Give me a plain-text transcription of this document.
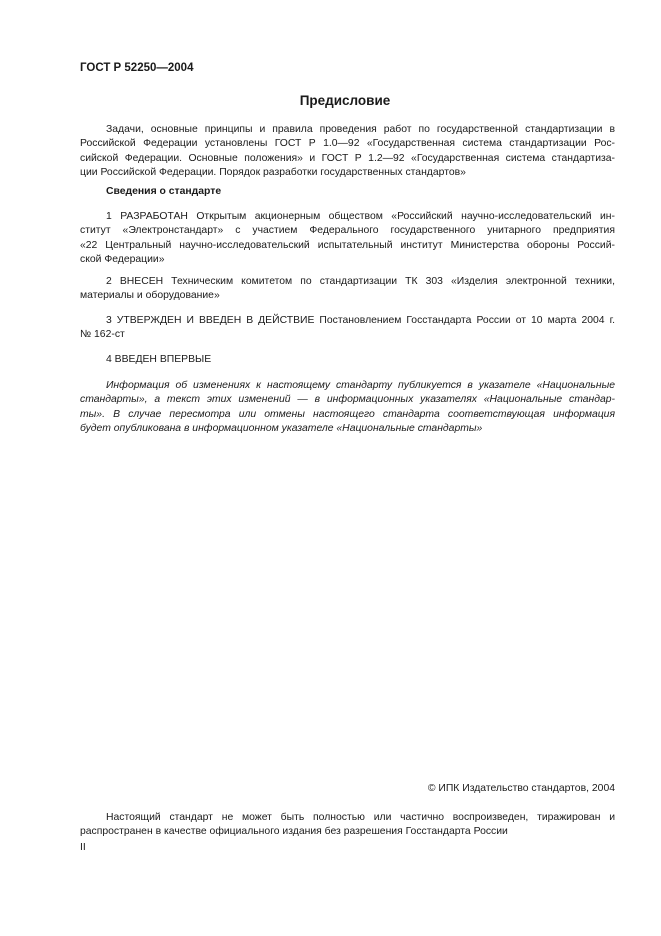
ГОСТ Р 52250—2004
Предисловие
Задачи, основные принципы и правила проведения работ по государственной стандартизации в
Российской Федерации установлены ГОСТ Р 1.0—92 «Государственная система стандартизации Рос-
сийской Федерации. Основные положения» и ГОСТ Р 1.2—92 «Государственная система стандартиза-
ции Российской Федерации. Порядок разработки государственных стандартов»
Сведения о стандарте
1 РАЗРАБОТАН Открытым акционерным обществом «Российский научно-исследовательский ин-
ститут «Электронстандарт» с участием Федерального государственного унитарного предприятия
«22 Центральный научно-исследовательский испытательный институт Министерства обороны Россий-
ской Федерации»
2 ВНЕСЕН Техническим комитетом по стандартизации ТК 303 «Изделия электронной техники,
материалы и оборудование»
3 УТВЕРЖДЕН И ВВЕДЕН В ДЕЙСТВИЕ Постановлением Госстандарта России от 10 марта 2004 г.
№ 162-ст
4 ВВЕДЕН ВПЕРВЫЕ
Информация об изменениях к настоящему стандарту публикуется в указателе «Национальные
стандарты», а текст этих изменений — в информационных указателях «Национальные стандар-
ты». В случае пересмотра или отмены настоящего стандарта соответствующая информация
будет опубликована в информационном указателе «Национальные стандарты»
© ИПК Издательство стандартов, 2004
Настоящий стандарт не может быть полностью или частично воспроизведен, тиражирован и
распространен в качестве официального издания без разрешения Госстандарта России
II
